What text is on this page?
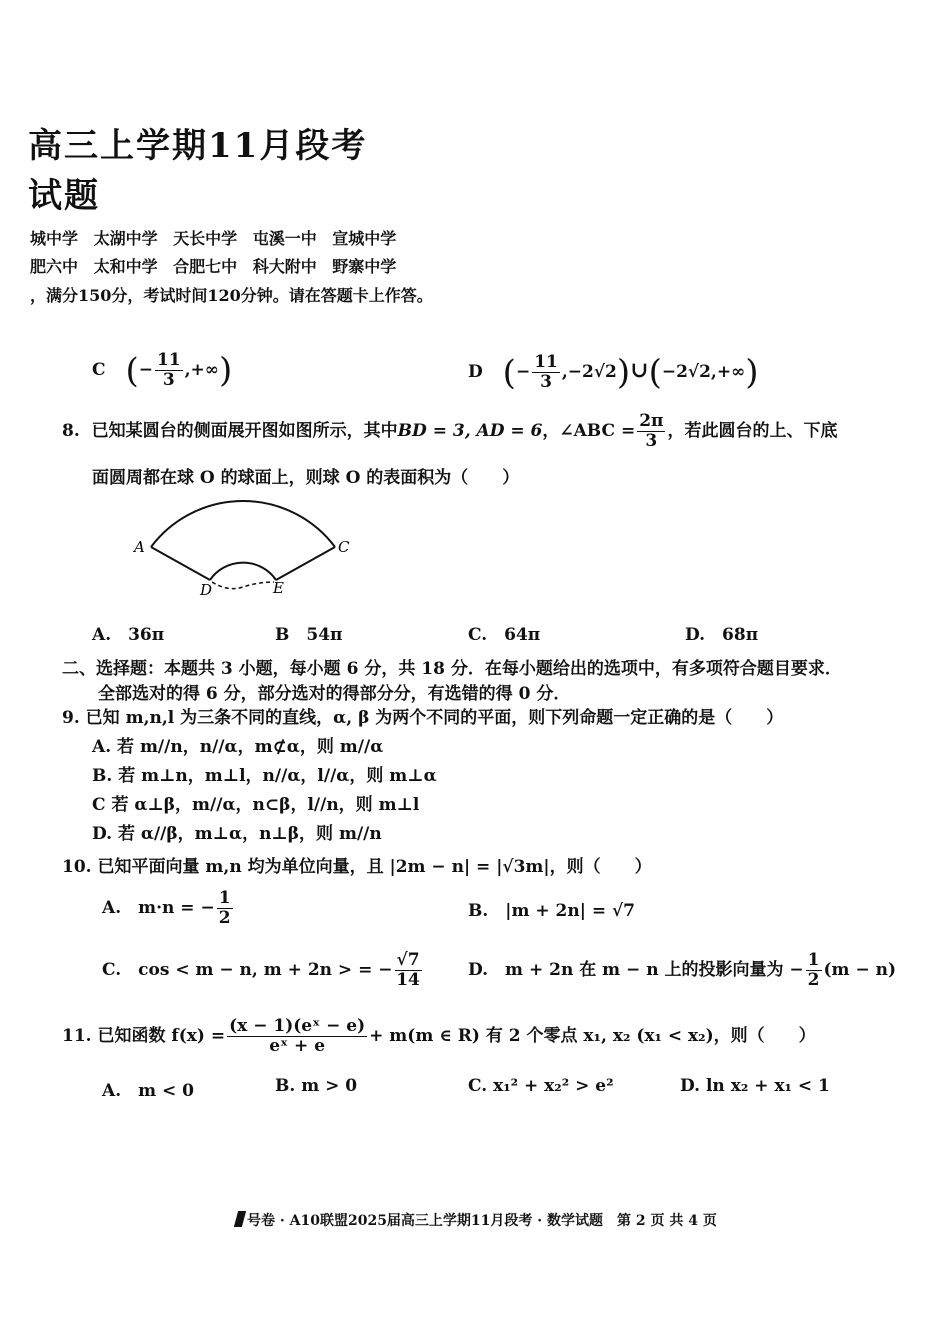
高三上学期11月段考
试题
城中学 太湖中学 天长中学 屯溪一中 宣城中学
肥六中 太和中学 合肥七中 科大附中 野寨中学
，满分150分，考试时间120分钟。请在答题卡上作答。
C (− $\frac{11}{3}$ ,+∞)	D (− $\frac{11}{3}$ ,−2√2)∪(−2√2,+∞)
8. 已知某圆台的侧面展开图如图所示，其中BD = 3, AD = 6，∠ABC = $\frac{2\pi}{3}$ ，若此圆台的上、下底
面圆周都在球 O 的球面上，则球 O 的表面积为（　　）
A	C
D	E
A.　36π	B　54π	C.　64π	D.　68π
二、选择题：本题共 3 小题，每小题 6 分，共 18 分．在每小题给出的选项中，有多项符合题目要求．
全部选对的得 6 分，部分选对的得部分分，有选错的得 0 分．
9. 已知 m,n,l 为三条不同的直线，α, β 为两个不同的平面，则下列命题一定正确的是（　　）
A. 若 m//n，n//α，m⊄α，则 m//α
B. 若 m⊥n，m⊥l，n//α，l//α，则 m⊥α
C 若 α⊥β，m//α，n⊂β，l//n，则 m⊥l
D. 若 α//β，m⊥α，n⊥β，则 m//n
10. 已知平面向量 m,n 均为单位向量，且 |2m − n| = |√3m|，则（　　）
A.　m·n = − $\frac{1}{2}$	B.　|m + 2n| = √7
C.　cos < m − n, m + 2n > = − $\frac{√7}{14}$	D.　m + 2n 在 m − n 上的投影向量为 − $\frac{1}{2} (m - n)$
11. 已知函数 $f(x) = \frac{\text{(x − 1)(eˣ − e)}}{\text{eˣ + e}} + m(m$ ∈ R) 有 2 个零点 x₁, x₂ (x₁ < x₂)，则（　　）
A.　m < 0	B. m > 0	C. x₁² + x₂² > e²	D. ln x₂ + x₁ < 1
号卷 · A10联盟2025届高三上学期11月段考 · 数学试题　第 2 页 共 4 页
